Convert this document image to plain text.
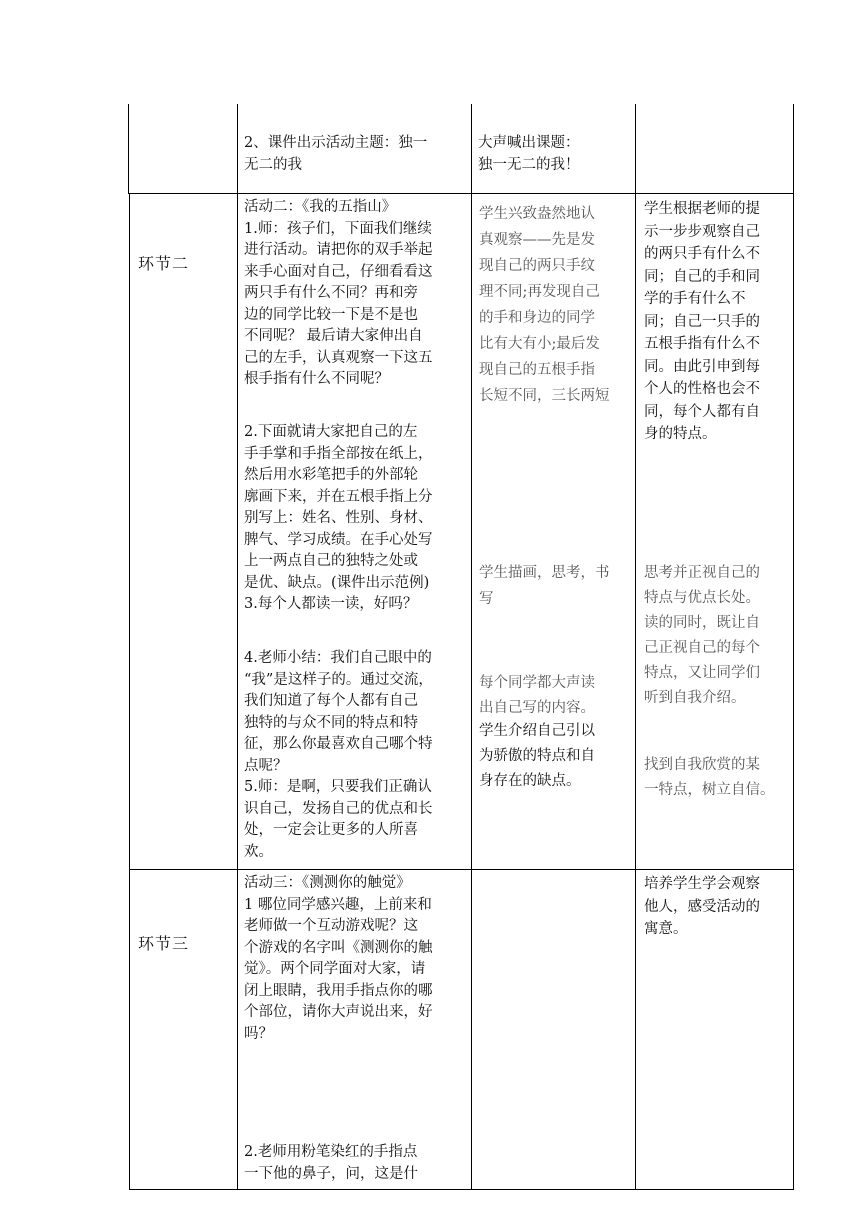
2、课件出示活动主题：独一
无二的我
大声喊出课题：
独一无二的我！
环节二
活动二：《我的五指山》
1.师：孩子们，下面我们继续
进行活动。请把你的双手举起
来手心面对自己，仔细看看这
两只手有什么不同？再和旁
边的同学比较一下是不是也
不同呢？ 最后请大家伸出自
己的左手，认真观察一下这五
根手指有什么不同呢？
2.下面就请大家把自己的左
手手掌和手指全部按在纸上，
然后用水彩笔把手的外部轮
廓画下来，并在五根手指上分
别写上：姓名、性别、身材、
脾气、学习成绩。在手心处写
上一两点自己的独特之处或
是优、缺点。(课件出示范例)
3.每个人都读一读，好吗？
4.老师小结：我们自己眼中的
“我”是这样子的。通过交流，
我们知道了每个人都有自己
独特的与众不同的特点和特
征，那么你最喜欢自己哪个特
点呢？
5.师：是啊，只要我们正确认
识自己，发扬自己的优点和长
处，一定会让更多的人所喜
欢。
学生兴致盎然地认
真观察——先是发
现自己的两只手纹
理不同;再发现自己
的手和身边的同学
比有大有小;最后发
现自己的五根手指
长短不同，三长两短
学生描画，思考，书
写
每个同学都大声读
出自己写的内容。
学生介绍自己引以
为骄傲的特点和自
身存在的缺点。
学生根据老师的提
示一步步观察自己
的两只手有什么不
同；自己的手和同
学的手有什么不
同；自己一只手的
五根手指有什么不
同。由此引申到每
个人的性格也会不
同，每个人都有自
身的特点。
思考并正视自己的
特点与优点长处。
读的同时，既让自
己正视自己的每个
特点，又让同学们
听到自我介绍。
找到自我欣赏的某
一特点，树立自信。
环节三
活动三：《测测你的触觉》
1 哪位同学感兴趣，上前来和
老师做一个互动游戏呢？这
个游戏的名字叫《测测你的触
觉》。两个同学面对大家，请
闭上眼睛，我用手指点你的哪
个部位，请你大声说出来，好
吗？
2.老师用粉笔染红的手指点
一下他的鼻子，问，这是什
培养学生学会观察
他人，感受活动的
寓意。
